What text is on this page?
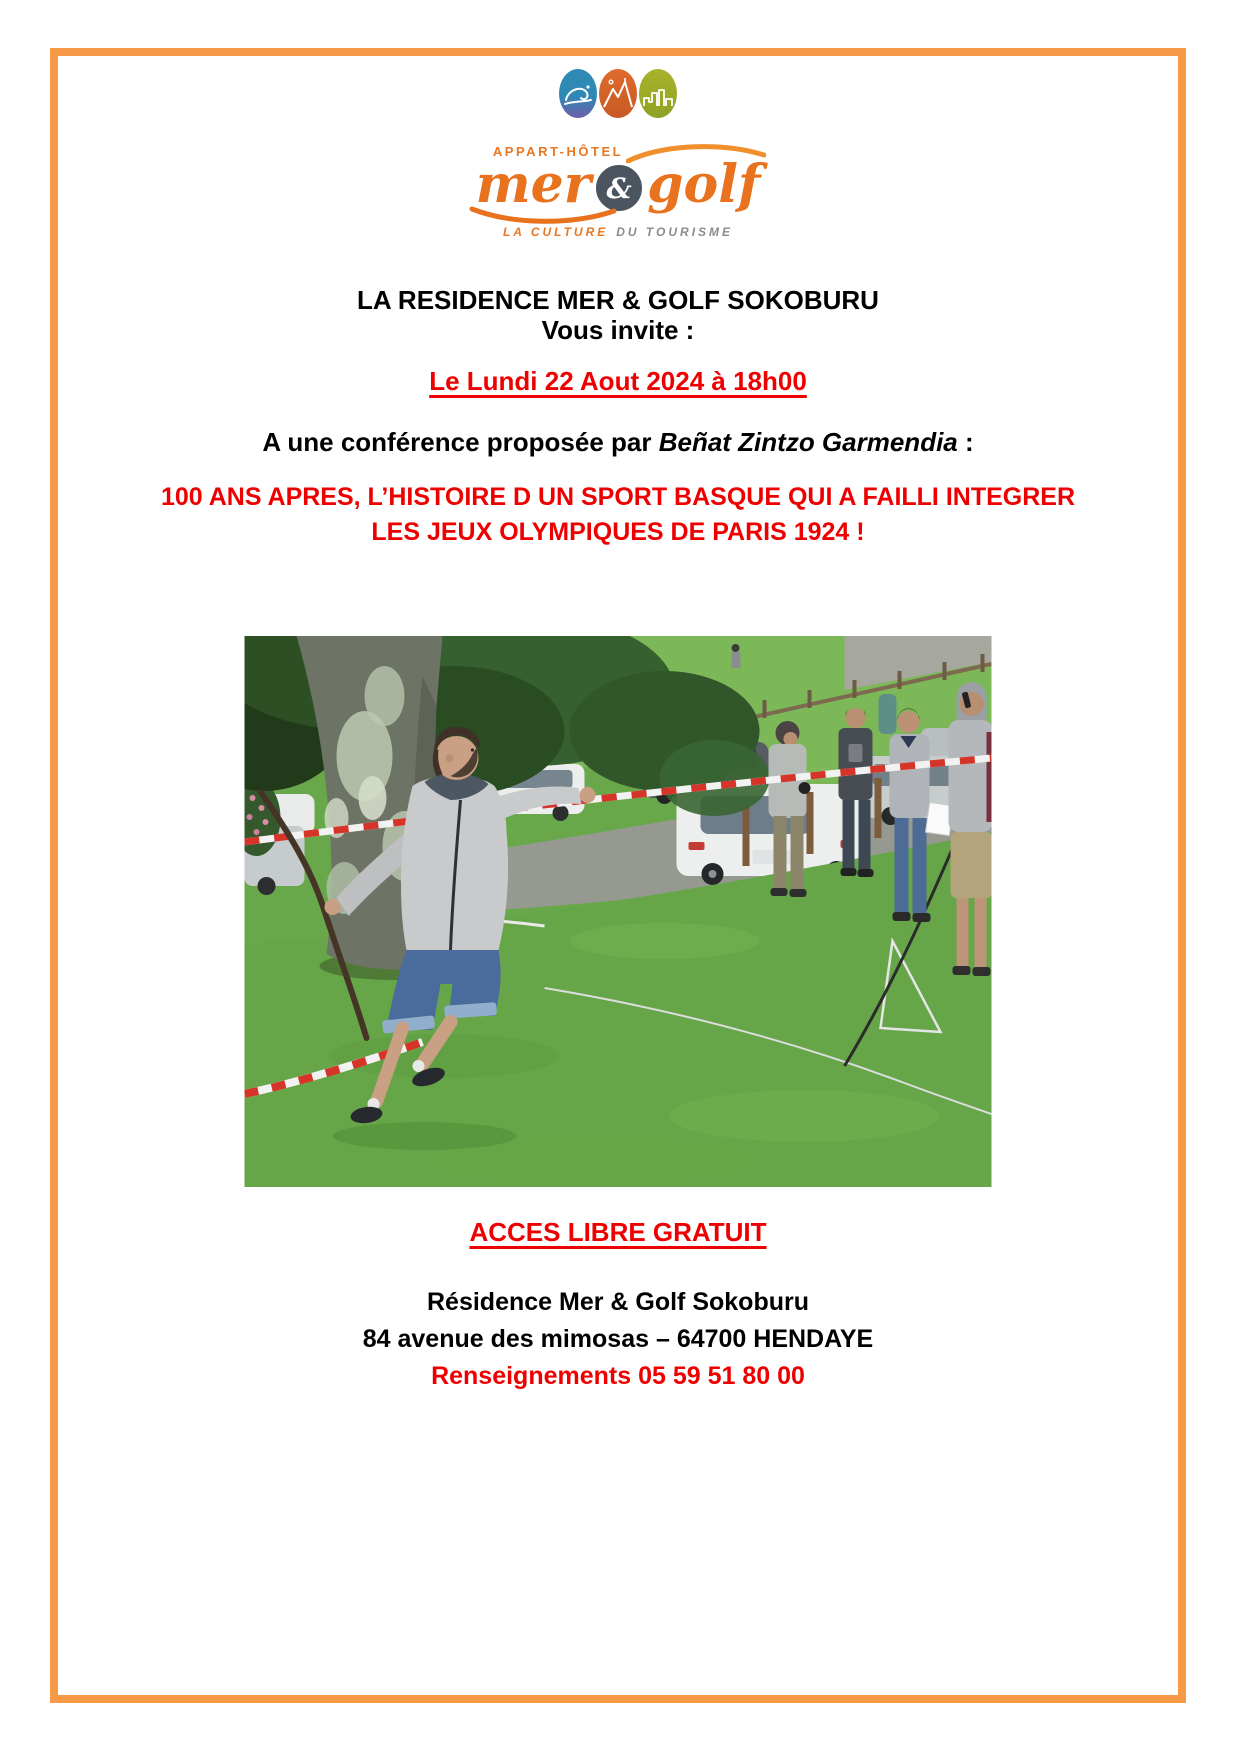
APPART-HÔTEL
mer & golf
LA CULTURE DU TOURISME
LA RESIDENCE MER & GOLF SOKOBURU
Vous invite :
Le Lundi 22 Aout 2024 à 18h00
A une conférence proposée par Beñat Zintzo Garmendia :
100 ANS APRES, L’HISTOIRE D UN SPORT BASQUE QUI A FAILLI INTEGRER
LES JEUX OLYMPIQUES DE PARIS 1924 !
ACCES LIBRE GRATUIT
Résidence Mer & Golf Sokoburu
84 avenue des mimosas – 64700 HENDAYE
Renseignements 05 59 51 80 00
